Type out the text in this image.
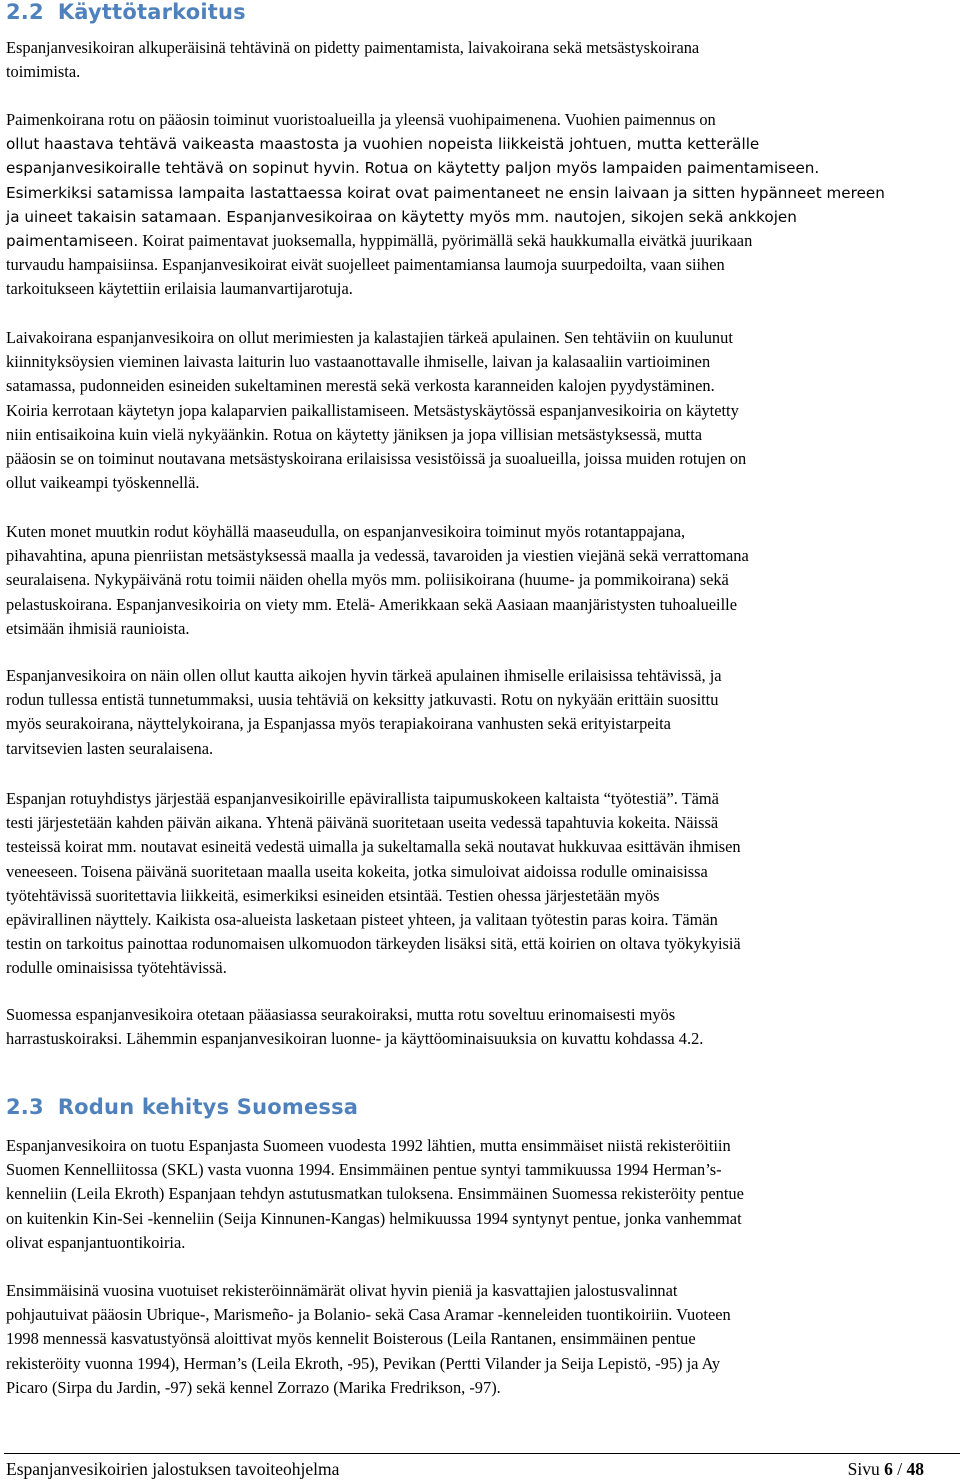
2.2 Käyttötarkoitus

Espanjanvesikoiran alkuperäisinä tehtävinä on pidetty paimentamista, laivakoirana sekä metsästyskoirana
toimimista.

Paimenkoirana rotu on pääosin toiminut vuoristoalueilla ja yleensä vuohipaimenena. Vuohien paimennus on
ollut haastava tehtävä vaikeasta maastosta ja vuohien nopeista liikkeistä johtuen, mutta ketterälle
espanjanvesikoiralle tehtävä on sopinut hyvin. Rotua on käytetty paljon myös lampaiden paimentamiseen.
Esimerkiksi satamissa lampaita lastattaessa koirat ovat paimentaneet ne ensin laivaan ja sitten hypänneet mereen
ja uineet takaisin satamaan. Espanjanvesikoiraa on käytetty myös mm. nautojen, sikojen sekä ankkojen
paimentamiseen. Koirat paimentavat juoksemalla, hyppimällä, pyörimällä sekä haukkumalla eivätkä juurikaan
turvaudu hampaisiinsa. Espanjanvesikoirat eivät suojelleet paimentamiansa laumoja suurpedoilta, vaan siihen
tarkoitukseen käytettiin erilaisia laumanvartijarotuja.

Laivakoirana espanjanvesikoira on ollut merimiesten ja kalastajien tärkeä apulainen. Sen tehtäviin on kuulunut
kiinnityksöysien vieminen laivasta laiturin luo vastaanottavalle ihmiselle, laivan ja kalasaaliin vartioiminen
satamassa, pudonneiden esineiden sukeltaminen merestä sekä verkosta karanneiden kalojen pyydystäminen.
Koiria kerrotaan käytetyn jopa kalaparvien paikallistamiseen. Metsästyskäytössä espanjanvesikoiria on käytetty
niin entisaikoina kuin vielä nykyäänkin. Rotua on käytetty jäniksen ja jopa villisian metsästyksessä, mutta
pääosin se on toiminut noutavana metsästyskoirana erilaisissa vesistöissä ja suoalueilla, joissa muiden rotujen on
ollut vaikeampi työskennellä.

Kuten monet muutkin rodut köyhällä maaseudulla, on espanjanvesikoira toiminut myös rotantappajana,
pihavahtina, apuna pienriistan metsästyksessä maalla ja vedessä, tavaroiden ja viestien viejänä sekä verrattomana
seuralaisena. Nykypäivänä rotu toimii näiden ohella myös mm. poliisikoirana (huume- ja pommikoirana) sekä
pelastuskoirana. Espanjanvesikoiria on viety mm. Etelä- Amerikkaan sekä Aasiaan maanjäristysten tuhoalueille
etsimään ihmisiä raunioista.

Espanjanvesikoira on näin ollen ollut kautta aikojen hyvin tärkeä apulainen ihmiselle erilaisissa tehtävissä, ja
rodun tullessa entistä tunnetummaksi, uusia tehtäviä on keksitty jatkuvasti. Rotu on nykyään erittäin suosittu
myös seurakoirana, näyttelykoirana, ja Espanjassa myös terapiakoirana vanhusten sekä erityistarpeita
tarvitsevien lasten seuralaisena.

Espanjan rotuyhdistys järjestää espanjanvesikoirille epävirallista taipumuskokeen kaltaista “työtestiä”. Tämä
testi järjestetään kahden päivän aikana. Yhtenä päivänä suoritetaan useita vedessä tapahtuvia kokeita. Näissä
testeissä koirat mm. noutavat esineitä vedestä uimalla ja sukeltamalla sekä noutavat hukkuvaa esittävän ihmisen
veneeseen. Toisena päivänä suoritetaan maalla useita kokeita, jotka simuloivat aidoissa rodulle ominaisissa
työtehtävissä suoritettavia liikkeitä, esimerkiksi esineiden etsintää. Testien ohessa järjestetään myös
epävirallinen näyttely. Kaikista osa-alueista lasketaan pisteet yhteen, ja valitaan työtestin paras koira. Tämän
testin on tarkoitus painottaa rodunomaisen ulkomuodon tärkeyden lisäksi sitä, että koirien on oltava työkykyisiä
rodulle ominaisissa työtehtävissä.

Suomessa espanjanvesikoira otetaan pääasiassa seurakoiraksi, mutta rotu soveltuu erinomaisesti myös
harrastuskoiraksi. Lähemmin espanjanvesikoiran luonne- ja käyttöominaisuuksia on kuvattu kohdassa 4.2.

2.3 Rodun kehitys Suomessa

Espanjanvesikoira on tuotu Espanjasta Suomeen vuodesta 1992 lähtien, mutta ensimmäiset niistä rekisteröitiin
Suomen Kennelliitossa (SKL) vasta vuonna 1994. Ensimmäinen pentue syntyi tammikuussa 1994 Herman’s-
kenneliin (Leila Ekroth) Espanjaan tehdyn astutusmatkan tuloksena. Ensimmäinen Suomessa rekisteröity pentue
on kuitenkin Kin-Sei -kenneliin (Seija Kinnunen-Kangas) helmikuussa 1994 syntynyt pentue, jonka vanhemmat
olivat espanjantuontikoiria.

Ensimmäisinä vuosina vuotuiset rekisteröinnämärät olivat hyvin pieniä ja kasvattajien jalostusvalinnat
pohjautuivat pääosin Ubrique-, Marismeño- ja Bolanio- sekä Casa Aramar -kenneleiden tuontikoiriin. Vuoteen
1998 mennessä kasvatustyönsä aloittivat myös kennelit Boisterous (Leila Rantanen, ensimmäinen pentue
rekisteröity vuonna 1994), Herman’s (Leila Ekroth, -95), Pevikan (Pertti Vilander ja Seija Lepistö, -95) ja Ay
Picaro (Sirpa du Jardin, -97) sekä kennel Zorrazo (Marika Fredrikson, -97).

Espanjanvesikoirien jalostuksen tavoiteohjelma	Sivu 6 / 48
